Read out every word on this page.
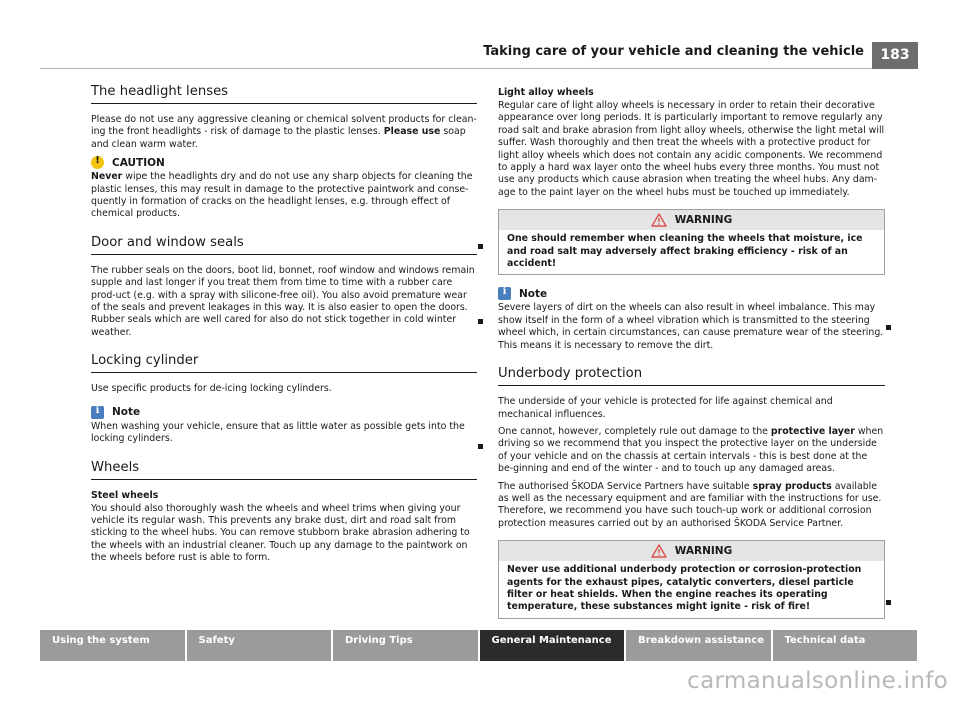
Taking care of your vehicle and cleaning the vehicle	183
The headlight lenses

Please do not use any aggressive cleaning or chemical solvent products for clean-ing the front headlights - risk of damage to the plastic lenses. Please use soap and clean warm water.

!
CAUTION

Never wipe the headlights dry and do not use any sharp objects for cleaning the plastic lenses, this may result in damage to the protective paintwork and conse-quently in formation of cracks on the headlight lenses, e.g. through effect of chemical products.

Door and window seals

The rubber seals on the doors, boot lid, bonnet, roof window and windows remain supple and last longer if you treat them from time to time with a rubber care prod-uct (e.g. with a spray with silicone-free oil). You also avoid premature wear of the seals and prevent leakages in this way. It is also easier to open the doors. Rubber seals which are well cared for also do not stick together in cold winter weather.

Locking cylinder

Use specific products for de-icing locking cylinders.

i
Note

When washing your vehicle, ensure that as little water as possible gets into the locking cylinders.

Wheels
Steel wheels

You should also thoroughly wash the wheels and wheel trims when giving your vehicle its regular wash. This prevents any brake dust, dirt and road salt from sticking to the wheel hubs. You can remove stubborn brake abrasion adhering to the wheels with an industrial cleaner. Touch up any damage to the paintwork on the wheels before rust is able to form.

Light alloy wheels

Regular care of light alloy wheels is necessary in order to retain their decorative appearance over long periods. It is particularly important to remove regularly any road salt and brake abrasion from light alloy wheels, otherwise the light metal will suffer. Wash thoroughly and then treat the wheels with a protective product for light alloy wheels which does not contain any acidic components. We recommend to apply a hard wax layer onto the wheel hubs every three months. You must not use any products which cause abrasion when treating the wheel hubs. Any dam-age to the paint layer on the wheel hubs must be touched up immediately.

WARNING
One should remember when cleaning the wheels that moisture, ice and road salt may adversely affect braking efficiency - risk of an accident!
i
Note

Severe layers of dirt on the wheels can also result in wheel imbalance. This may show itself in the form of a wheel vibration which is transmitted to the steering wheel which, in certain circumstances, can cause premature wear of the steering. This means it is necessary to remove the dirt.

Underbody protection

The underside of your vehicle is protected for life against chemical and mechanical influences.

One cannot, however, completely rule out damage to the protective layer when driving so we recommend that you inspect the protective layer on the underside of your vehicle and on the chassis at certain intervals - this is best done at the be-ginning and end of the winter - and to touch up any damaged areas.

The authorised ŠKODA Service Partners have suitable spray products available as well as the necessary equipment and are familiar with the instructions for use. Therefore, we recommend you have such touch-up work or additional corrosion protection measures carried out by an authorised ŠKODA Service Partner.

WARNING
Never use additional underbody protection or corrosion-protection agents for the exhaust pipes, catalytic converters, diesel particle filter or heat shields. When the engine reaches its operating temperature, these substances might ignite - risk of fire!
Using the system	Safety	Driving Tips	General Maintenance	Breakdown assistance	Technical data
carmanualsonline.info
